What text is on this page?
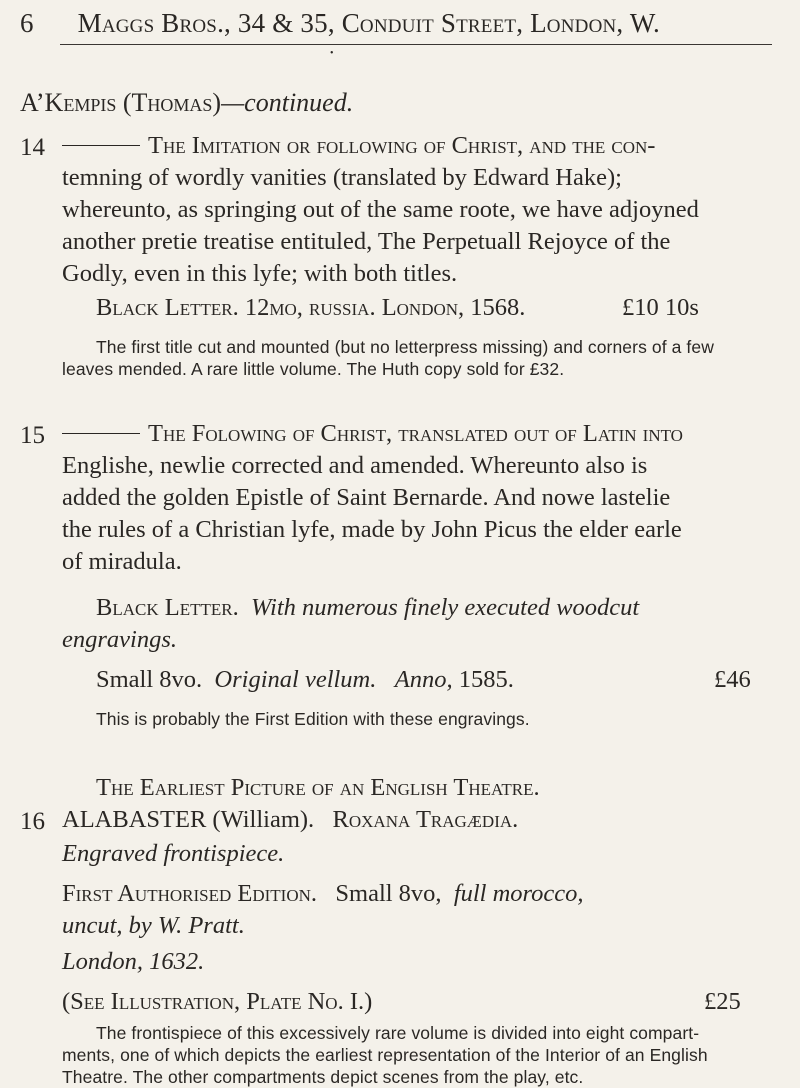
6 Maggs Bros., 34 & 35, Conduit Street, London, W.
•
A’Kempis (Thomas)—continued.
14	The Imitation or following of Christ, and the con-
temning of wordly vanities (translated by Edward Hake);
whereunto, as springing out of the same roote, we have adjoyned
another pretie treatise entituled, The Perpetuall Rejoyce of the
Godly, even in this lyfe; with both titles.
Black Letter. 12mo, russia. London, 1568.	£10 10s
The first title cut and mounted (but no letterpress missing) and corners of a few
leaves mended. A rare little volume. The Huth copy sold for £32.
15	The Folowing of Christ, translated out of Latin into
Englishe, newlie corrected and amended. Whereunto also is
added the golden Epistle of Saint Bernarde. And nowe lastelie
the rules of a Christian lyfe, made by John Picus the elder earle
of miradula.
Black Letter. With numerous finely executed woodcut
engravings.
Small 8vo.  Original vellum.   Anno, 1585.	£46
This is probably the First Edition with these engravings.
The Earliest Picture of an English Theatre.
16 ALABASTER (William). Roxana Tragædia.
Engraved frontispiece.
First Authorised Edition.   Small 8vo,  full morocco,
uncut, by W. Pratt.
London, 1632.
(See Illustration, Plate No. I.)	£25
The frontispiece of this excessively rare volume is divided into eight compart-
ments, one of which depicts the earliest representation of the Interior of an English
Theatre. The other compartments depict scenes from the play, etc.
